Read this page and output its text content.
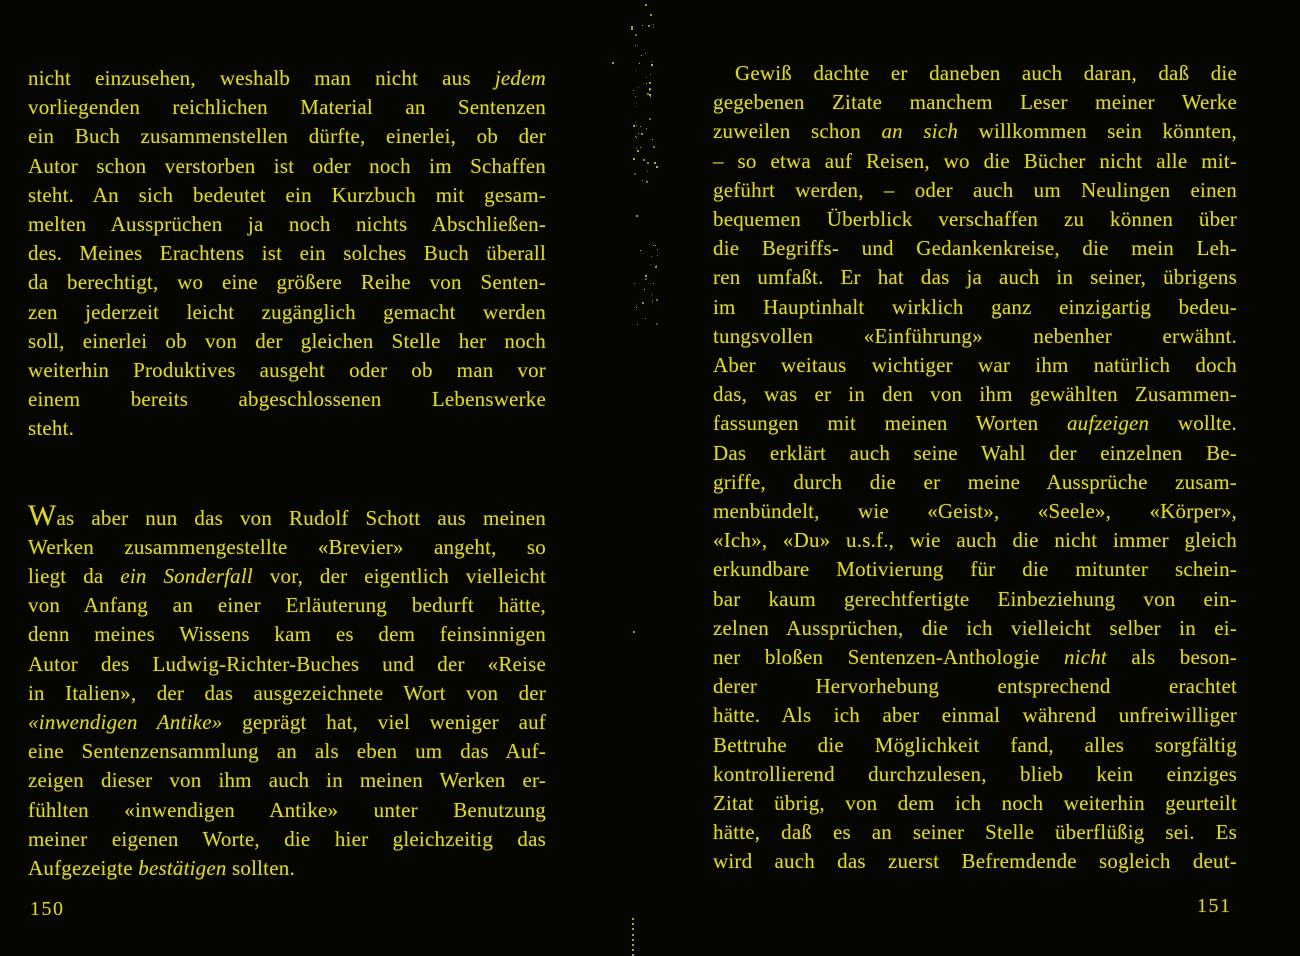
nicht einzusehen, weshalb man nicht aus jedem
vorliegenden reichlichen Material an Sentenzen
ein Buch zusammenstellen dürfte, einerlei, ob der
Autor schon verstorben ist oder noch im Schaffen
steht. An sich bedeutet ein Kurzbuch mit gesam-
melten Aussprüchen ja noch nichts Abschließen-
des. Meines Erachtens ist ein solches Buch überall
da berechtigt, wo eine größere Reihe von Senten-
zen jederzeit leicht zugänglich gemacht werden
soll, einerlei ob von der gleichen Stelle her noch
weiterhin Produktives ausgeht oder ob man vor
einem bereits abgeschlossenen Lebenswerke
steht.
Was aber nun das von Rudolf Schott aus meinen
Werken zusammengestellte «Brevier» angeht, so
liegt da ein Sonderfall vor, der eigentlich vielleicht
von Anfang an einer Erläuterung bedurft hätte,
denn meines Wissens kam es dem feinsinnigen
Autor des Ludwig-Richter-Buches und der «Reise
in Italien», der das ausgezeichnete Wort von der
«inwendigen Antike» geprägt hat, viel weniger auf
eine Sentenzensammlung an als eben um das Auf-
zeigen dieser von ihm auch in meinen Werken er-
fühlten «inwendigen Antike» unter Benutzung
meiner eigenen Worte, die hier gleichzeitig das
Aufgezeigte bestätigen sollten.
Gewiß dachte er daneben auch daran, daß die
gegebenen Zitate manchem Leser meiner Werke
zuweilen schon an sich willkommen sein könnten,
– so etwa auf Reisen, wo die Bücher nicht alle mit-
geführt werden, – oder auch um Neulingen einen
bequemen Überblick verschaffen zu können über
die Begriffs- und Gedankenkreise, die mein Leh-
ren umfaßt. Er hat das ja auch in seiner, übrigens
im Hauptinhalt wirklich ganz einzigartig bedeu-
tungsvollen «Einführung» nebenher erwähnt.
Aber weitaus wichtiger war ihm natürlich doch
das, was er in den von ihm gewählten Zusammen-
fassungen mit meinen Worten aufzeigen wollte.
Das erklärt auch seine Wahl der einzelnen Be-
griffe, durch die er meine Aussprüche zusam-
menbündelt, wie «Geist», «Seele», «Körper»,
«Ich», «Du» u.s.f., wie auch die nicht immer gleich
erkundbare Motivierung für die mitunter schein-
bar kaum gerechtfertigte Einbeziehung von ein-
zelnen Aussprüchen, die ich vielleicht selber in ei-
ner bloßen Sentenzen-Anthologie nicht als beson-
derer Hervorhebung entsprechend erachtet
hätte. Als ich aber einmal während unfreiwilliger
Bettruhe die Möglichkeit fand, alles sorgfältig
kontrollierend durchzulesen, blieb kein einziges
Zitat übrig, von dem ich noch weiterhin geurteilt
hätte, daß es an seiner Stelle überflüßig sei. Es
wird auch das zuerst Befremdende sogleich deut-
150	151
